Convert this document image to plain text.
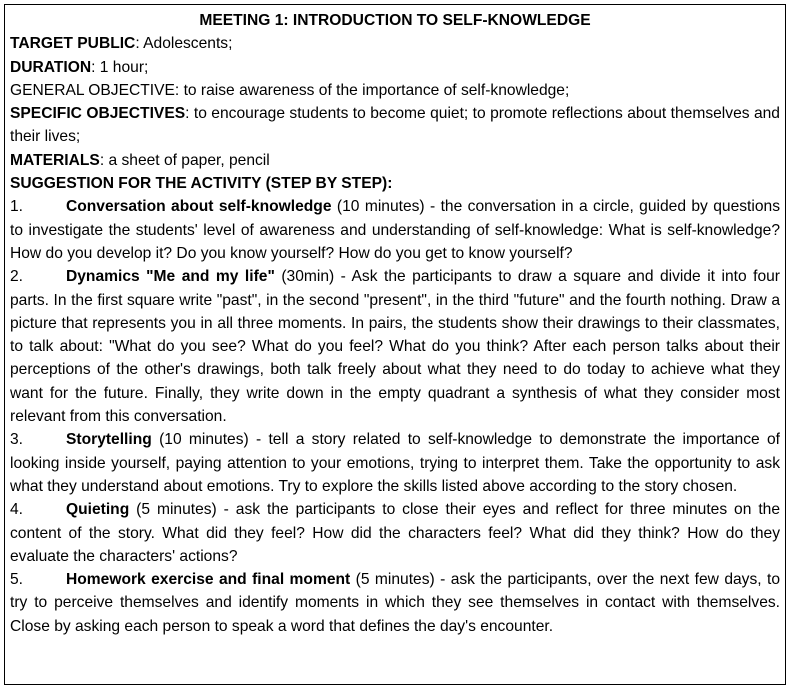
MEETING 1: INTRODUCTION TO SELF-KNOWLEDGE

TARGET PUBLIC: Adolescents;

DURATION: 1 hour;

GENERAL OBJECTIVE: to raise awareness of the importance of self-knowledge;

SPECIFIC OBJECTIVES: to encourage students to become quiet; to promote reflections about themselves and their lives;

MATERIALS: a sheet of paper, pencil

SUGGESTION FOR THE ACTIVITY (STEP BY STEP):

1.	Conversation about self-knowledge (10 minutes) - the conversation in a circle, guided by questions to investigate the students' level of awareness and understanding of self-knowledge: What is self-knowledge? How do you develop it? Do you know yourself? How do you get to know yourself?

2.	Dynamics "Me and my life" (30min) - Ask the participants to draw a square and divide it into four parts. In the first square write "past", in the second "present", in the third "future" and the fourth nothing. Draw a picture that represents you in all three moments. In pairs, the students show their drawings to their classmates, to talk about: "What do you see? What do you feel? What do you think? After each person talks about their perceptions of the other's drawings, both talk freely about what they need to do today to achieve what they want for the future. Finally, they write down in the empty quadrant a synthesis of what they consider most relevant from this conversation.

3.	Storytelling (10 minutes) - tell a story related to self-knowledge to demonstrate the importance of looking inside yourself, paying attention to your emotions, trying to interpret them. Take the opportunity to ask what they understand about emotions. Try to explore the skills listed above according to the story chosen.

4.	Quieting (5 minutes) - ask the participants to close their eyes and reflect for three minutes on the content of the story. What did they feel? How did the characters feel? What did they think? How do they evaluate the characters' actions?

5.	Homework exercise and final moment (5 minutes) - ask the participants, over the next few days, to try to perceive themselves and identify moments in which they see themselves in contact with themselves. Close by asking each person to speak a word that defines the day's encounter.
